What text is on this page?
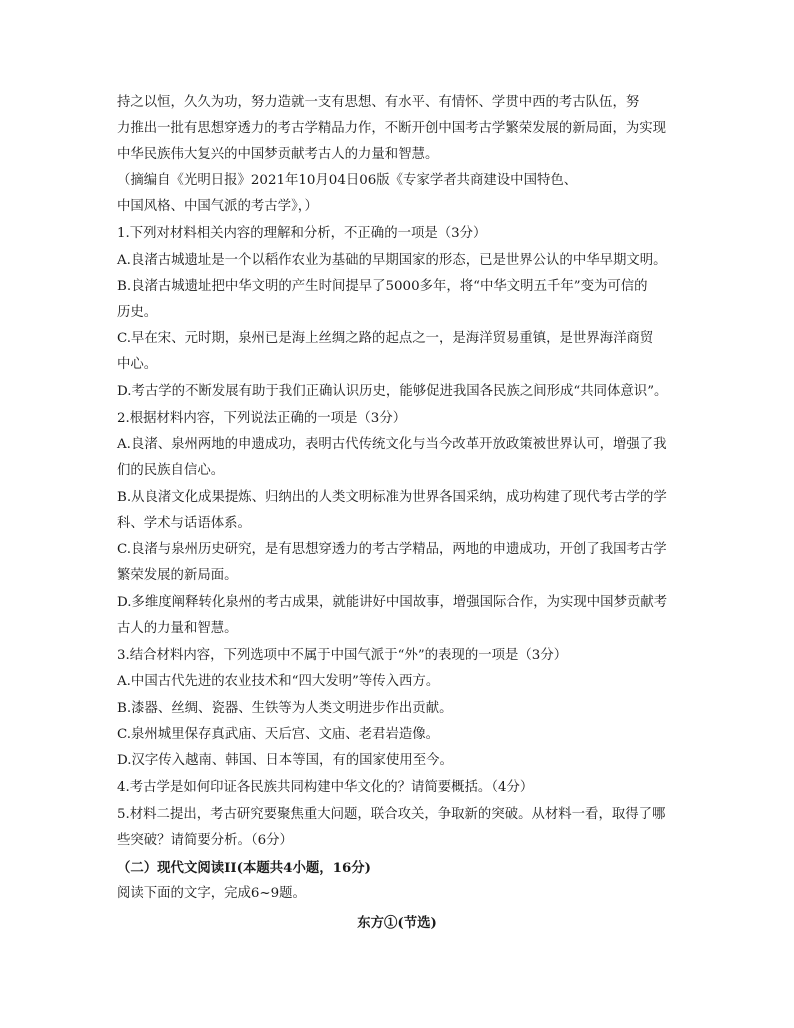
持之以恒，久久为功，努力造就一支有思想、有水平、有情怀、学贯中西的考古队伍，努
力推出一批有思想穿透力的考古学精品力作，不断开创中国考古学繁荣发展的新局面，为实现
中华民族伟大复兴的中国梦贡献考古人的力量和智慧。
（摘编自《光明日报》2021年10月04日06版《专家学者共商建设中国特色、
中国风格、中国气派的考古学》，）
1.下列对材料相关内容的理解和分析，不正确的一项是（3分）
A.良渚古城遗址是一个以稻作农业为基础的早期国家的形态，已是世界公认的中华早期文明。
B.良渚古城遗址把中华文明的产生时间提早了5000多年，将“中华文明五千年”变为可信的
历史。
C.早在宋、元时期，泉州已是海上丝绸之路的起点之一，是海洋贸易重镇，是世界海洋商贸
中心。
D.考古学的不断发展有助于我们正确认识历史，能够促进我国各民族之间形成“共同体意识”。
2.根据材料内容，下列说法正确的一项是（3分）
A.良渚、泉州两地的申遗成功，表明古代传统文化与当今改革开放政策被世界认可，增强了我
们的民族自信心。
B.从良渚文化成果提炼、归纳出的人类文明标准为世界各国采纳，成功构建了现代考古学的学
科、学术与话语体系。
C.良渚与泉州历史研究，是有思想穿透力的考古学精品，两地的申遗成功，开创了我国考古学
繁荣发展的新局面。
D.多维度阐释转化泉州的考古成果，就能讲好中国故事，增强国际合作，为实现中国梦贡献考
古人的力量和智慧。
3.结合材料内容，下列选项中不属于中国气派于“外”的表现的一项是（3分）
A.中国古代先进的农业技术和“四大发明”等传入西方。
B.漆器、丝绸、瓷器、生铁等为人类文明进步作出贡献。
C.泉州城里保存真武庙、天后宫、文庙、老君岩造像。
D.汉字传入越南、韩国、日本等国，有的国家使用至今。
4.考古学是如何印证各民族共同构建中华文化的？请简要概括。（4分）
5.材料二提出，考古研究要聚焦重大问题，联合攻关，争取新的突破。从材料一看，取得了哪
些突破？请简要分析。（6分）
（二）现代文阅读II(本题共4小题，16分)
阅读下面的文字，完成6~9题。
东方①(节选)
